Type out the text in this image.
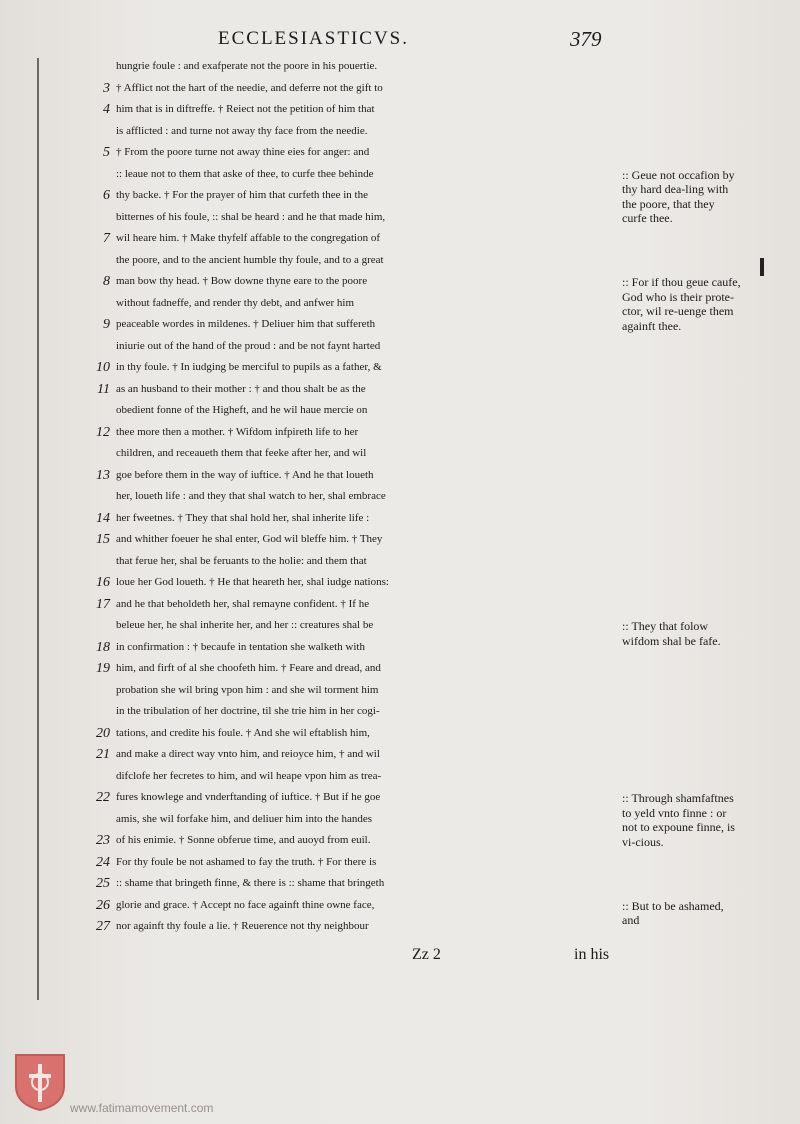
ECCLESIASTICVS.	379
hungrie foule : and exafperate not the poore in his pouertie.
3 † Afflict not the hart of the needie, and deferre not the gift to
4 him that is in diftreffe. † Reiect not the petition of him that
is afflicted : and turne not away thy face from the needie.
5 † From the poore turne not away thine eies for anger: and
:: leaue not to them that aske of thee, to curfe thee behinde
6 thy backe. † For the prayer of him that curfeth thee in the
bitternes of his foule, :: shal be heard : and he that made him,
7 wil heare him. † Make thyfelf affable to the congregation of
the poore, and to the ancient humble thy foule, and to a great
8 man bow thy head. † Bow downe thyne eare to the poore
without fadneffe, and render thy debt, and anfwer him
9 peaceable wordes in mildenes. † Deliuer him that suffereth
iniurie out of the hand of the proud : and be not faynt harted
10 in thy foule. † In iudging be merciful to pupils as a father, &
11 as an husband to their mother : † and thou shalt be as the
obedient fonne of the Higheft, and he wil haue mercie on
12 thee more then a mother. † Wifdom infpireth life to her
children, and receaueth them that feeke after her, and wil
13 goe before them in the way of iuftice. † And he that loueth
her, loueth life : and they that shal watch to her, shal embrace
14 her fweetnes. † They that shal hold her, shal inherite life :
15 and whither foeuer he shal enter, God wil bleffe him. † They
that ferue her, shal be feruants to the holie: and them that
16 loue her God loueth. † He that heareth her, shal iudge nations:
17 and he that beholdeth her, shal remayne confident. † If he
beleue her, he shal inherite her, and her :: creatures shal be
18 in confirmation : † becaufe in tentation she walketh with
19 him, and firft of al she choofeth him. † Feare and dread, and
probation she wil bring vpon him : and she wil torment him
in the tribulation of her doctrine, til she trie him in her cogi-
20 tations, and credite his foule. † And she wil eftablish him,
21 and make a direct way vnto him, and reioyce him, † and wil
difclofe her fecretes to him, and wil heape vpon him as trea-
22 fures knowlege and vnderftanding of iuftice. † But if he goe
amis, she wil forfake him, and deliuer him into the handes
23 of his enimie. † Sonne obferue time, and auoyd from euil.
24 For thy foule be not ashamed to fay the truth. † For there is
25 :: shame that bringeth finne, & there is :: shame that bringeth
26 glorie and grace. † Accept no face againft thine owne face,
27 nor againft thy foule a lie. † Reuerence not thy neighbour
:: Geue not occafion by thy hard dea-ling with the poore, that they curfe thee.
:: For if thou geue caufe, God who is their prote-ctor, wil re-uenge them againft thee.
:: They that folow wifdom shal be fafe.
:: Through shamfaftnes to yeld vnto finne : or not to expoune finne, is vi-cious.
:: But to be ashamed, and
Zz 2	in his
www.fatimamovement.com
